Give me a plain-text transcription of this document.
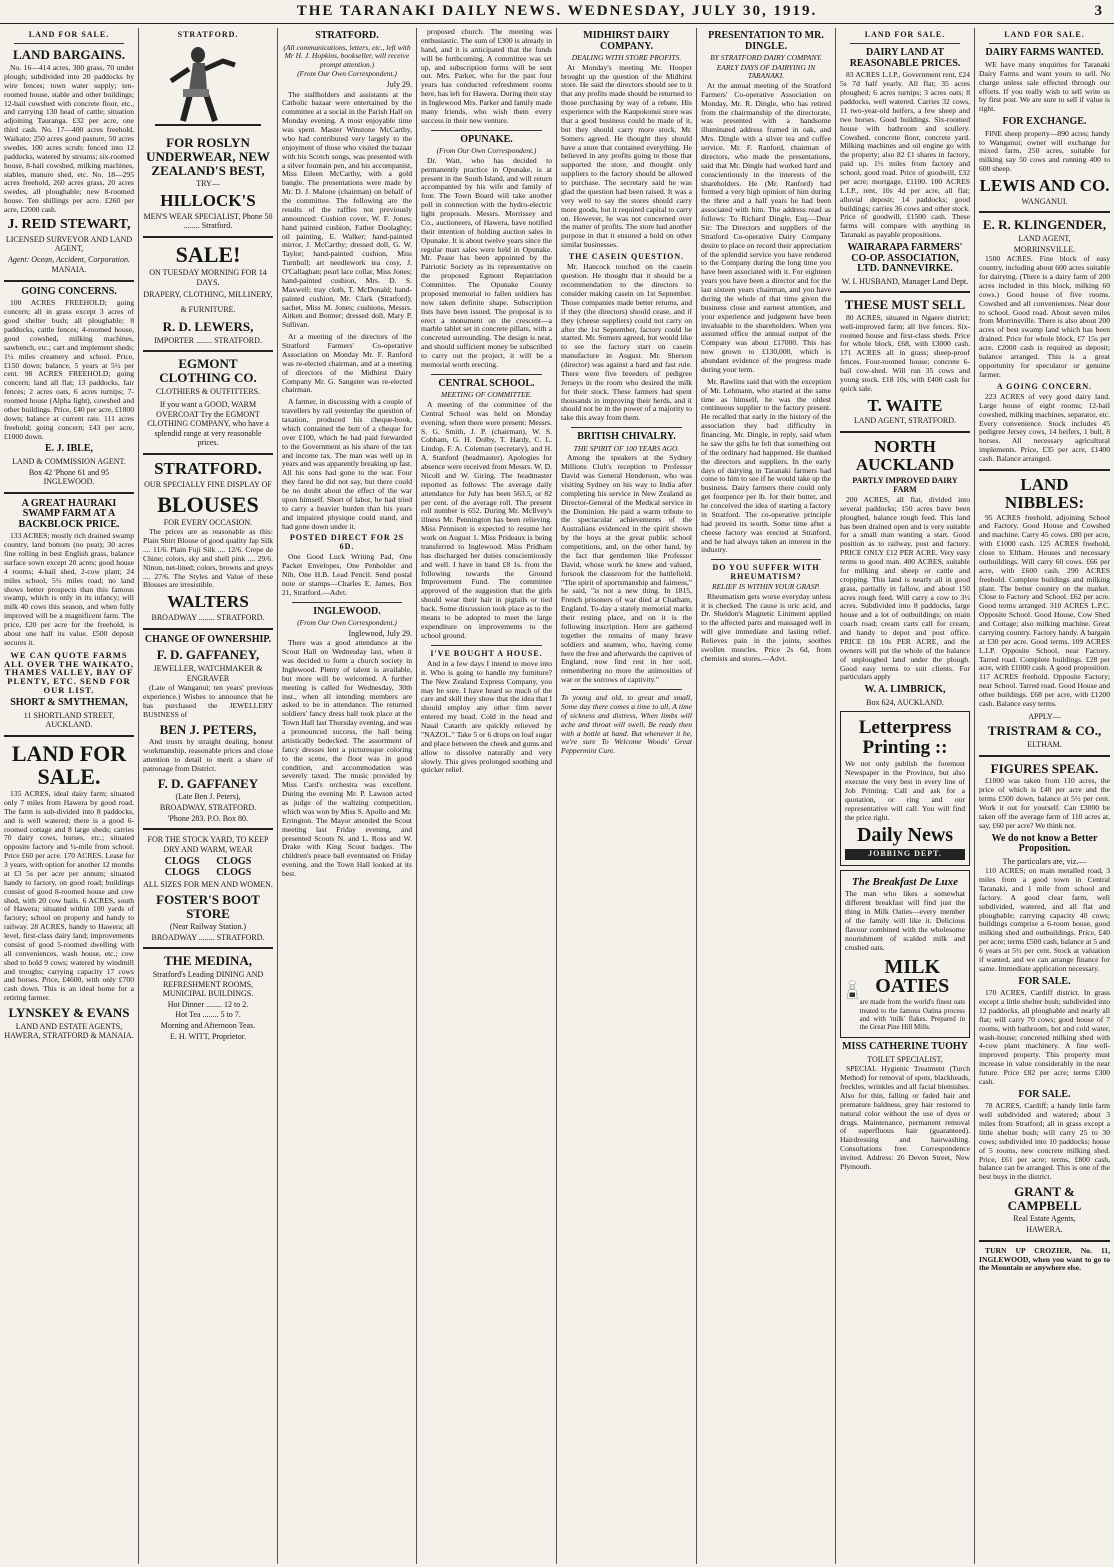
THE TARANAKI DAILY NEWS. WEDNESDAY, JULY 30, 1919.	3
LAND FOR SALE.
LAND BARGAINS.

No. 16—414 acres, 300 grass, 70 under plough; subdivided into 20 paddocks by wire fences; town water supply; ten-roomed house, stable and other buildings; 12-bail cowshed with concrete floor, etc., and carrying 130 head of cattle; situation adjoining Tauranga. £32 per acre, one third cash. No. 17—400 acres freehold, Waikato; 250 acres good pasture, 50 acres swedes, 100 acres scrub; fenced into 12 paddocks, watered by streams; six-roomed house, 8-bail cowshed, milking machines, stables, manure shed, etc. No. 18—295 acres freehold, 260 acres grass, 20 acres swedes, all ploughable; new 8-roomed house. Ten shillings per acre. £260 per acre, £2000 cash.

J. REID STEWART,
LICENSED SURVEYOR AND LAND AGENT,
Agent: Ocean, Accident, Corporation.
MANAIA.
GOING CONCERNS.

100 ACRES FREEHOLD; going concern; all in grass except 3 acres of good shelter bush; all ploughable; 8 paddocks, cattle fences; 4-roomed house, good cowshed, milking machines, sawbench, etc.; cart and implement sheds; 1½ miles creamery and school. Price, £150 down; balance, 5 years at 5½ per cent. 98 ACRES FREEHOLD; going concern; land all flat; 13 paddocks, fair fences; 2 acres oats, 6 acres turnips; 7-roomed house (Alpha light), cowshed and other buildings. Price, £40 per acre, £1800 down; balance at current rate. 111 acres freehold; going concern; £43 per acre, £1000 down.

E. J. IBLE,
LAND & COMMISSION AGENT.
Box 42 'Phone 61 and 95 INGLEWOOD.
A GREAT HAURAKI SWAMP FARM AT A BACKBLOCK PRICE.

133 ACRES; mostly rich drained swamp country, land bottom (no peat); 30 acres fine rolling in best English grass, balance surface sown except 20 acres; good house 4 rooms; 4-bail shed, 2-cow plant; 24 miles school, 5½ miles road; no land shows better prospects than this famous swamp, which is only in its infancy; will milk 40 cows this season, and when fully improved will be a magnificent farm. The price, £20 per acre for the freehold, is about one half its value. £500 deposit secures it.

WE CAN QUOTE FARMS ALL OVER THE WAIKATO, THAMES VALLEY, BAY OF PLENTY, ETC. SEND FOR OUR LIST.
SHORT & SMYTHEMAN,
11 SHORTLAND STREET, AUCKLAND.
LAND FOR SALE.

135 ACRES, ideal dairy farm; situated only 7 miles from Hawera by good road. The farm is sub-divided into 8 paddocks, and is well watered; there is a good 6-roomed cottage and 8 large sheds; carries 70 dairy cows, horses, etc.; situated opposite factory and ¼-mile from school. Price £60 per acre. 170 ACRES. Lease for 3 years, with option for another 12 months at £3 5s per acre per annum; situated handy to factory, on good road; buildings consist of good 8-roomed house and cow shed, with 20 cow bails. 6 ACRES, south of Hawera; situated within 100 yards of factory; school on property and handy to railway. 28 ACRES, handy to Hawera; all level, first-class dairy land; improvements consist of good 5-roomed dwelling with all conveniences, wash house, etc.; cow shed to hold 9 cows; watered by windmill and troughs; carrying capacity 17 cows and horses. Price, £4600, with only £700 cash down. This is an ideal home for a retiring farmer.

LYNSKEY & EVANS
LAND AND ESTATE AGENTS, HAWERA, STRATFORD & MANAIA.
STRATFORD.
FOR ROSLYN UNDERWEAR, NEW ZEALAND'S BEST,
TRY—
HILLOCK'S
MEN'S WEAR SPECIALIST, Phone 50 ........ Stratford.
SALE!
ON TUESDAY MORNING FOR 14 DAYS.
DRAPERY, CLOTHING, MILLINERY, & FURNITURE.
R. D. LEWERS,
IMPORTER ........ STRATFORD.
EGMONT CLOTHING CO.
CLOTHIERS & OUTFITTERS.
If you want a GOOD, WARM OVERCOAT Try the EGMONT CLOTHING COMPANY, who have a splendid range at very reasonable prices.
STRATFORD.
OUR SPECIALLY FINE DISPLAY OF
BLOUSES
FOR EVERY OCCASION.

The prices are as reasonable as this: Plain Shirt Blouse of good quality Jap Silk .... 11/6. Plain Fuji Silk .... 12/6. Crepe de Chine; colors, sky and shell pink .... 29/6. Ninon, net-lined; colors, browns and greys .... 27/6. The Styles and Value of these Blouses are irresistible.

WALTERS
BROADWAY ........ STRATFORD.
CHANGE OF OWNERSHIP.
F. D. GAFFANEY,
JEWELLER, WATCHMAKER & ENGRAVER

(Late of Wanganui; ten years' previous experience.) Wishes to announce that he has purchased the JEWELLERY BUSINESS of

BEN J. PETERS,

And trusts by straight dealing, honest workmanship, reasonable prices and close attention to detail to merit a share of patronage from District.

F. D. GAFFANEY
(Late Ben J. Peters),
BROADWAY, STRATFORD.
'Phone 283. P.O. Box 80.
FOR THE STOCK YARD, TO KEEP DRY AND WARM, WEAR
CLOGS CLOGS CLOGS CLOGS
ALL SIZES FOR MEN AND WOMEN.
FOSTER'S BOOT STORE
(Near Railway Station.)
BROADWAY ........ STRATFORD.
THE MEDINA,
Stratford's Leading DINING AND REFRESHMENT ROOMS, MUNICIPAL BUILDINGS.
Hot Dinner ........ 12 to 2.
Hot Tea ........ 5 to 7.
Morning and Afternoon Teas.
E. H. WITT, Proprietor.
STRATFORD.
(All communications, letters, etc., left with Mr H. J. Hopkins, bookseller, will receive prompt attention.)
(From Our Own Correspondent.)
July 29.

The stallholders and assistants at the Catholic bazaar were entertained by the committee at a social in the Parish Hall on Monday evening. A most enjoyable time was spent. Master Winstone McCarthy, who had contributed very largely to the enjoyment of those who visited the bazaar with his Scotch songs, was presented with a silver fountain pen, and his accompanist, Miss Eileen McCarthy, with a gold bangle. The presentations were made by Mr. D. J. Malone (chairman) on behalf of the committee. The following are the results of the raffles not previously announced: Cushion cover, W. F. Jones; hand painted cushion, Father Doolaghty; oil painting, E. Walker; hand-painted mirror, J. McCarthy; dressed doll, G. W. Taylor; hand-painted cushion, Miss Turnbull; art needlework tea cosy, J. O'Callaghan; pearl lace collar, Miss Jones; hand-painted cushion, Mrs. D. S. Maxwell; tray cloth, T. McDonald; hand-painted cushion, Mr. Clark (Stratford); sachet, Miss M. Jones; cushions, Messrs. Aitken and Bonner; dressed doll, Mary P. Sullivan.

At a meeting of the directors of the Stratford Farmers' Co-operative Association on Monday Mr. F. Ranford was re-elected chairman, and at a meeting of directors of the Midhirst Dairy Company Mr. G. Sangster was re-elected chairman.

A farmer, in discussing with a couple of travellers by rail yesterday the question of taxation, produced his cheque-book, which contained the butt of a cheque for over £100, which he had paid forwarded to the Government as his share of the tax and income tax. The man was well up in years and was apparently breaking up fast. All his sons had gone to the war. Four they fared he did not say, but there could be no doubt about the effect of the war upon himself. Short of labor, he had tried to carry a heavier burden than his years and impaired physique could stand, and had gone down under it.

POSTED DIRECT FOR 2S 6D.

One Good Luck Writing Pad, One Packet Envelopes, One Penholder and Nib, One H.B. Lead Pencil. Send postal note or stamps—Charles E. James, Box 21, Stratford.—Advt.

INGLEWOOD.
(From Our Own Correspondent.)
Inglewood, July 29.

There was a good attendance at the Scout Hall on Wednesday last, when it was decided to form a church society in Inglewood. Plenty of talent is available, but more will be welcomed. A further meeting is called for Wednesday, 30th inst., when all intending members are asked to be in attendance. The returned soldiers' fancy dress ball took place at the Town Hall last Thursday evening, and was a pronounced success, the hall being artistically bedecked. The assortment of fancy dresses lent a picturesque coloring to the scene, the floor was in good condition, and accommodation was severely taxed. The music provided by Miss Card's orchestra was excellent. During the evening Mr. P. Lawson acted as judge of the waltzing competition, which was won by Miss S. Apollo and Mr. Errington. The Mayor attended the Scout meeting last Friday evening, and presented Scouts N. and L. Ross and W. Drake with King Scout badges. The children's peace ball eventuated on Friday evening, and the Town Hall looked at its best.

proposed church. The meeting was enthusiastic. The sum of £300 is already in hand, and it is anticipated that the funds will be forthcoming. A committee was set up, and subscription forms will be sent out. Mrs. Parker, who for the past four years has conducted refreshment rooms here, has left for Hawera. During their stay in Inglewood Mrs. Parker and family made many friends, who wish them every success in their new venture.

OPUNAKE.
(From Our Own Correspondent.)

Dr. Watt, who has decided to permanently practice in Opunake, is at present in the South Island, and will return accompanied by his wife and family of four. The Town Board will take another poll in connection with the hydro-electric light proposals. Messrs. Morrissey and Co., auctioneers, of Hawera, have notified their intention of holding auction sales in Opunake. It is about twelve years since the regular mart sales were held in Opunake. Mr. Pease has been appointed by the Patriotic Society as its representative on the proposed Egmont Repatriation Committee. The Opunake County proposed memorial to fallen soldiers has now taken definite shape. Subscription lists have been issued. The proposal is to erect a monument on the crescent—a marble tablet set in concrete pillars, with a concreted surrounding. The design is neat, and should sufficient money be subscribed to carry out the project, it will be a memorial worth erecting.

CENTRAL SCHOOL.
MEETING OF COMMITTEE.

A meeting of the committee of the Central School was held on Monday evening, when there were present: Messrs. S. G. Smith, J. P. (chairman), W. S. Cobham, G. H. Dolby, T. Hardy, C. L. Lindop, F. A. Coleman (secretary), and H. A. Stanford (headmaster). Apologies for absence were received from Messrs. W. D. Nicoll and W. Giring. The headmaster reported as follows: The average daily attendance for July has been 563.5, or 82 per cent. of the average roll. The present roll number is 652. During Mr. McIlvey's illness Mr. Pennington has been relieving. Miss Pennison is expected to resume her work on August 1. Miss Prideaux is being transferred to Inglewood. Miss Pridham has discharged her duties conscientiously and well. I have in hand £8 1s. from the following towards the Ground Improvement Fund. The committee approved of the suggestion that the girls should wear their hair in pigtails or tied back. Some discussion took place as to the means to be adopted to meet the large expenditure on improvements to the school ground.

I'VE BOUGHT A HOUSE.

And in a few days I intend to move into it. Who is going to handle my furniture? The New Zealand Express Company, you may be sure. I have heard so much of the care and skill they show that the idea that I should employ any other firm never entered my head. Cold in the head and Nasal Catarrh are quickly relieved by "NAZOL." Take 5 or 6 drops on loaf sugar and place between the cheek and gums and allow to dissolve naturally and very slowly. This gives prolonged soothing and quicker relief.

MIDHIRST DAIRY COMPANY.
DEALING WITH STORE PROFITS.

At Monday's meeting Mr. Hooper brought up the question of the Midhirst store. He said the directors should see to it that any profits made should be returned to those purchasing by way of a rebate. His experience with the Kaupokonui store was that a good business could be made of it, but they should carry more stock. Mr. Somers agreed. He thought they should have a store that contained everything. He believed in any profits going to those that supported the store, and thought only suppliers to the factory should be allowed to purchase. The secretary said he was glad the question had been raised. It was a very well to say the stores should carry more goods, but it required capital to carry on. However, he was not concerned over the matter of profits. The store had another purpose in that it ensured a hold on other similar businesses.

THE CASEIN QUESTION.

Mr. Hancock touched on the casein question. He thought that it should be a recommendation to the directors to consider making casein on 1st September. Those companies made better returns, and if they (the directors) should cease, and if they (cheese suppliers) could not carry on after the 1st September, factory could be started. Mr. Somers agreed, but would like to see the factory start on casein manufacture in August. Mr. Sherson (director) was against a hard and fast rule. There were five breeders of pedigree Jerseys in the room who desired the milk for their stock. These farmers had spent thousands in improving their herds, and it should not be in the power of a majority to take this away from them.

BRITISH CHIVALRY.
THE SPIRIT OF 100 YEARS AGO.

Among the speakers at the Sydney Millions Club's reception to Professor David was General Henderson, who was visiting Sydney on his way to India after completing his service in New Zealand as Director-General of the Medical service in the Dominion. He paid a warm tribute to the spectacular achievements of the Australians evidenced in the spirit shown by the boys at the great public school competitions, and, on the other hand, by the fact that gentlemen like Professor David, whose work he knew and valued, forsook the classroom for the battlefield. "The spirit of sportsmanship and fairness," he said, "is not a new thing. In 1815, French prisoners of war died at Chatham, England. To-day a stately memorial marks their resting place, and on it is the following inscription. Here are gathered together the remains of many brave soldiers and seamen, who, having come here the free and afterwards the captives of England, now find rest in her soil, remembering no more the animosities of war or the sorrows of captivity."

To young and old, to great and small, Some day there comes a time to all, A time of sickness and distress, When limbs will ache and throat will swell, Be ready then with a bottle at hand. But whenever it be, we're sure To Welcome Woods' Great Peppermint Cure.

PRESENTATION TO MR. DINGLE.
BY STRATFORD DAIRY COMPANY.
EARLY DAYS OF DAIRYING IN TARANAKI.

At the annual meeting of the Stratford Farmers' Co-operative Association on Monday, Mr. R. Dingle, who has retired from the chairmanship of the directorate, was presented with a handsome illuminated address framed in oak, and Mrs. Dingle with a silver tea and coffee service. Mr. F. Ranford, chairman of directors, who made the presentations, said that Mr. Dingle had worked hard and conscientiously in the interests of the shareholders. He (Mr. Ranford) had formed a very high opinion of him during the three and a half years he had been associated with him. The address read as follows: To Richard Dingle, Esq.—Dear Sir: The Directors and suppliers of the Stratford Co-operative Dairy Company desire to place on record their appreciation of the splendid service you have rendered to the Company during the long time you have been associated with it. For eighteen years you have been a director and for the last sixteen years chairman, and you have during the whole of that time given the business close and earnest attention, and your experience and judgment have been invaluable to the shareholders. When you assumed office the annual output of the Company was about £17000. This has now grown to £130,000, which is abundant evidence of the progress made during your term.

Mr. Rawlins said that with the exception of Mr. Lehmann, who started at the same time as himself, he was the oldest continuous supplier to the factory present. He recalled that early in the history of the association they had difficulty in financing. Mr. Dingle, in reply, said when he saw the gifts he felt that something out of the ordinary had happened. He thanked the directors and suppliers. In the early days of dairying in Taranaki farmers had come to him to see if he would take up the business. Dairy farmers there could only get fourpence per lb. for their butter, and he conceived the idea of starting a factory in Stratford. The co-operative principle had proved its worth. Some time after a cheese factory was erected at Stratford, and he had always taken an interest in the industry.

DO YOU SUFFER WITH RHEUMATISM?
RELIEF IS WITHIN YOUR GRASP.

Rheumatism gets worse everyday unless it is checked. The cause is uric acid, and Dr. Sheldon's Magnetic Liniment applied to the affected parts and massaged well in will give immediate and lasting relief. Relieves pain in the joints, soothes swollen muscles. Price 2s 6d, from chemists and stores.—Advt.

LAND FOR SALE.
DAIRY LAND AT REASONABLE PRICES.

83 ACRES L.I.P., Government rent, £24 5s 7d half yearly. All flat; 35 acres ploughed; 6 acres turnips; 3 acres oats; 8 paddocks, well watered. Carries 32 cows, 11 two-year-old heifers, a few sheep and two horses. Good buildings. Six-roomed house with bathroom and scullery. Cowshed, concrete floor, concrete yard. Milking machines and oil engine go with the property; also 82 £1 shares in factory, paid up. 1½ miles from factory and school, good road. Price of goodwill, £32 per acre; mortgage, £1100. 100 ACRES L.I.P., rent, 10s 4d per acre, all flat; alluvial deposit; 14 paddocks; good buildings; carries 36 cows and other stock. Price of goodwill, £1500 cash. These farms will compare with anything in Taranaki as payable propositions.

WAIRARAPA FARMERS' CO-OP. ASSOCIATION, LTD. DANNEVIRKE.
W. I. HUSBAND, Manager Land Dept.
THESE MUST SELL

80 ACRES, situated in Ngaere district; well-improved farm; all live fences. Six-roomed house and first-class sheds. Price for whole block, £68, with £3000 cash. 171 ACRES all in grass; sheep-proof fences. Four-roomed house; concrete 6-bail cow-shed. Will run 35 cows and young stock. £18 10s, with £400 cash for quick sale.

T. WAITE
LAND AGENT, STRATFORD.
NORTH AUCKLAND
PARTLY IMPROVED DAIRY FARM

200 ACRES, all flat, divided into several paddocks; 150 acres have been ploughed, balance rough feed. This land has been drained open and is very suitable for a small man wanting a start. Good position as to railway, post and factory. PRICE ONLY £12 PER ACRE. Very easy terms to good man. 400 ACRES, suitable for milking and sheep or cattle and cropping. This land is nearly all in good grass, partially in fallow, and about 150 acres rough feed. Will carry a cow to 3½ acres. Subdivided into 8 paddocks, large house and a lot of outbuildings; on main coach road; cream carts call for cream, and handy to depot and post office. PRICE £8 10s PER ACRE, and the owners will put the whole of the balance of unploughed land under the plough. Good easy terms to suit clients. For particulars apply

W. A. LIMBRICK,
Box 624, AUCKLAND.
Letterpress Printing ::

We not only publish the foremost Newspaper in the Province, but also execute the very best in every line of Job Printing. Call and ask for a quotation, or ring and our representative will call. You will find the price right.

Daily News
JOBBING DEPT.
The Breakfast De Luxe

The man who likes a somewhat different breakfast will find just the thing in Milk Oaties—every member of the family will like it. Delicious flavour combined with the wholesome nourishment of scalded milk and crushed oats.

MILK OATIES

are made from the world's finest oats treated to the famous Oatina process and with 'milk' flakes. Prepared in the Great Pine Hill Mills.

MISS CATHERINE TUOHY
TOILET SPECIALIST,

SPECIAL Hygienic Treatment (Turch Method) for removal of spots, blackheads, freckles, wrinkles and all facial blemishes. Also for thin, falling or faded hair and premature baldness, grey hair restored to natural color without the use of dyes or drugs. Maintenance, permanent removal of superfluous hair (guaranteed). Hairdressing and hairwashing. Consultations free. Correspondence invited. Address: 26 Devon Street, New Plymouth.

LAND FOR SALE.
DAIRY FARMS WANTED.

WE have many enquiries for Taranaki Dairy Farms and want yours to sell. No charge unless sale effected through our efforts. If you really wish to sell write us by first post. We are sure to sell if value is right.

FOR EXCHANGE.

FINE sheep property—890 acres; handy to Wanganui; owner will exchange for mixed farm, 250 acres, suitable for milking say 50 cows and running 400 to 600 sheep.

LEWIS AND CO.
WANGANUI.
E. R. KLINGENDER,
LAND AGENT,
MORRINSVILLE.

1500 ACRES. Fine block of easy country, including about 600 acres suitable for dairying. (There is a dairy farm of 200 acres included in this block, milking 60 cows.) Good house of five rooms. Cowshed and all conveniences. Near door to school. Good road. About seven miles from Morrinsville. There is also about 200 acres of best swamp land which has been drained. Price for whole block, £7 15s per acre. £2000 cash is required as deposit; balance arranged. This is a great opportunity for speculator or genuine farmer.

A GOING CONCERN.

223 ACRES of very good dairy land. Large house of eight rooms; 12-bail cowshed, milking machines, separator, etc. Every convenience. Stock includes 45 pedigree Jersey cows, 14 heifers, 1 bull, 8 horses. All necessary agricultural implements. Price, £35 per acre, £1400 cash. Balance arranged.

LAND NIBBLES:

95 ACRES freehold, adjoining School and Factory. Good House and Cowshed and machine. Carry 45 cows. £80 per acre, with £1000 cash. 125 ACRES freehold, close to Eltham. Houses and necessary outbuildings. Will carry 60 cows. £66 per acre, with £600 cash. 290 ACRES freehold. Complete buildings and milking plant. The better country on the market. Close to Factory and School. £62 per acre. Good terms arranged. 310 ACRES L.P.C. Opposite School. Good House, Cow Shed and Cottage; also milking machine. Great carrying country. Factory handy. A bargain at £30 per acre. Good terms. 109 ACRES L.I.P. Opposite School, near Factory. Tarred road. Complete buildings. £28 per acre, with £1000 cash. A good proposition. 117 ACRES freehold. Opposite Factory; near School. Tarred road. Good House and other buildings. £68 per acre, with £1200 cash. Balance easy terms.

APPLY—
TRISTRAM & CO.,
ELTHAM.
FIGURES SPEAK.

£1000 was taken from 110 acres, the price of which is £40 per acre and the terms £500 down, balance at 5½ per cent. Work it out for yourself. Can £3000 be taken off the average farm of 110 acres at, say, £60 per acre? We think not.

We do not know a Better Proposition.
The particulars are, viz.—

110 ACRES; on main metalled road, 3 miles from a good town in Central Taranaki, and 1 mile from school and factory. A good clear farm, well subdivided, watered, and all flat and ploughable; carrying capacity 40 cows; buildings comprise a 6-room house, good milking shed and outbuildings. Price, £40 per acre; terms £500 cash, balance at 5 and 6 years at 5½ per cent. Stock at valuation if wanted, and we can arrange finance for same. Immediate application necessary.

FOR SALE.

170 ACRES, Cardiff district. In grass except a little shelter bush; subdivided into 12 paddocks, all ploughable and nearly all flat; will carry 70 cows; good house of 7 rooms, with bathroom, hot and cold water, wash-house; concreted milking shed with 4-cow plant machinery. A fine well-improved property. This property must increase in value considerably in the near future. Price £82 per acre; terms £300 cash.

FOR SALE.

78 ACRES, Cardiff; a handy little farm well subdivided and watered; about 3 miles from Stratford; all in grass except a little shelter bush; will carry 25 to 30 cows; subdivided into 10 paddocks; house of 5 rooms, new concrete milking shed. Price, £61 per acre; terms, £800 cash, balance can be arranged. This is one of the best buys in the district.

GRANT & CAMPBELL
Real Estate Agents,
HAWERA.

TURN UP CROZIER, No. 11, INGLEWOOD, when you want to go to the Mountain or anywhere else.
